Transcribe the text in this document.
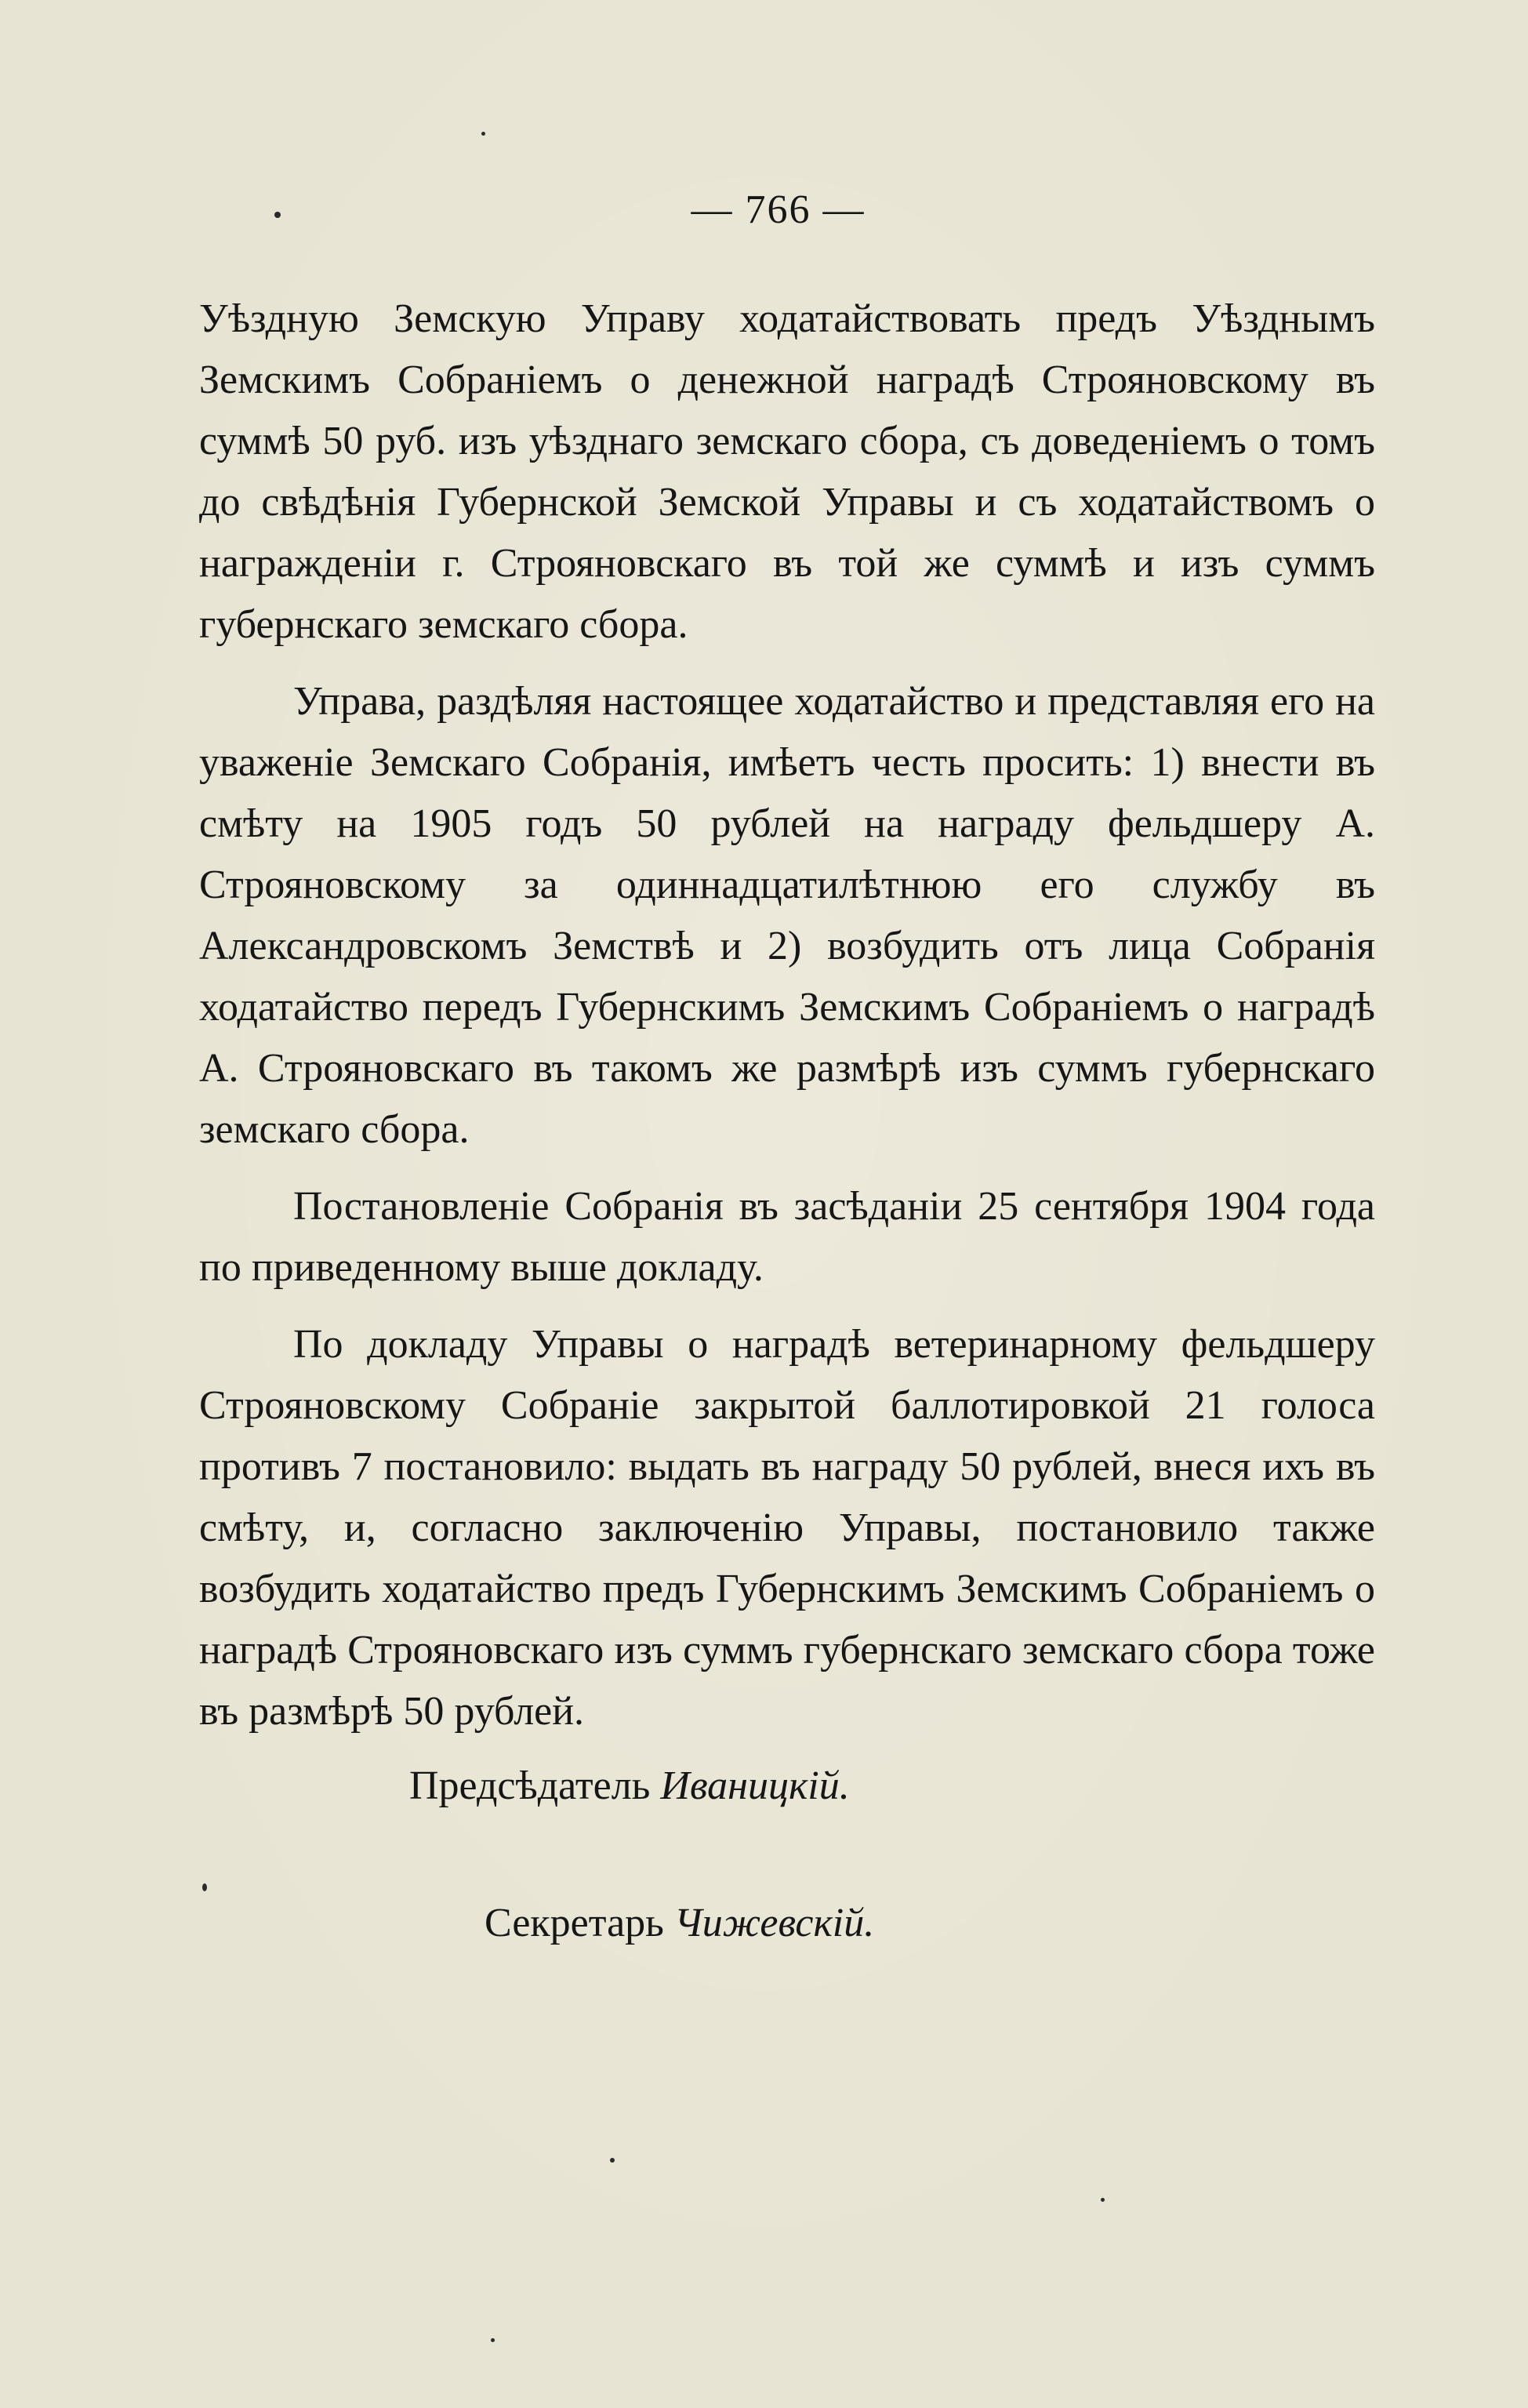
— 766 —

Уѣздную Земскую Управу ходатайствовать предъ Уѣзднымъ Земскимъ Собраніемъ о денежной наградѣ Строяновскому въ суммѣ 50 руб. изъ уѣзднаго земскаго сбора, съ доведеніемъ о томъ до свѣдѣнія Губернской Земской Управы и съ ходатайствомъ о награжденіи г. Строяновскаго въ той же суммѣ и изъ суммъ губернскаго земскаго сбора.

Управа, раздѣляя настоящее ходатайство и представляя его на уваженіе Земскаго Собранія, имѣетъ честь просить: 1) внести въ смѣту на 1905 годъ 50 рублей на награду фельдшеру А. Строяновскому за одиннадцатилѣтнюю его службу въ Александровскомъ Земствѣ и 2) возбудить отъ лица Собранія ходатайство передъ Губернскимъ Земскимъ Собраніемъ о наградѣ А. Строяновскаго въ такомъ же размѣрѣ изъ суммъ губернскаго земскаго сбора.

Постановленіе Собранія въ засѣданіи 25 сентября 1904 года по приведенному выше докладу.

По докладу Управы о наградѣ ветеринарному фельдшеру Строяновскому Собраніе закрытой баллотировкой 21 голоса противъ 7 постановило: выдать въ награду 50 рублей, внеся ихъ въ смѣту, и, согласно заключенію Управы, постановило также возбудить ходатайство предъ Губернскимъ Земскимъ Собраніемъ о наградѣ Строяновскаго изъ суммъ губернскаго земскаго сбора тоже въ размѣрѣ 50 рублей.

Предсѣдатель Иваницкій.
Секретарь Чижевскій.
